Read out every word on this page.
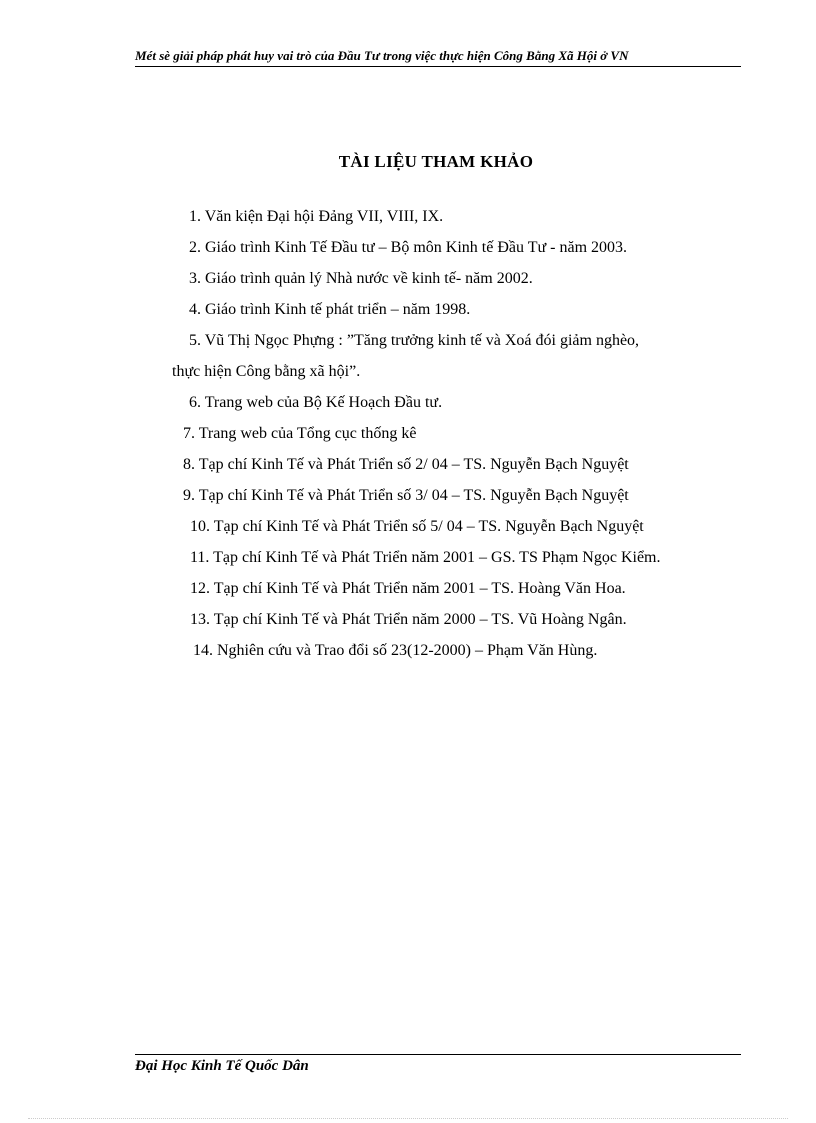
Mét sè giải pháp phát huy vai trò của Đầu Tư trong việc thực hiện Công Bằng Xã Hội ở VN
TÀI LIỆU THAM KHẢO
1. Văn kiện Đại hội Đảng VII, VIII, IX.
2. Giáo trình Kinh Tế Đầu tư – Bộ môn Kinh tế Đầu Tư - năm 2003.
3. Giáo trình quản lý Nhà nước về kinh tế- năm 2002.
4. Giáo trình Kinh tế phát triển – năm 1998.
5. Vũ Thị Ngọc Phựng : ”Tăng trưởng kinh tế và Xoá đói giảm nghèo,
thực hiện Công bằng xã hội”.
6. Trang web của Bộ Kế Hoạch Đầu tư.
7. Trang web của Tổng cục thống kê
8. Tạp chí Kinh Tế và Phát Triển số 2/ 04 – TS. Nguyễn Bạch Nguyệt
9. Tạp chí Kinh Tế và Phát Triển số 3/ 04 – TS. Nguyễn Bạch Nguyệt
10. Tạp chí Kinh Tế và Phát Triển số 5/ 04 – TS. Nguyễn Bạch Nguyệt
11. Tạp chí Kinh Tế và Phát Triển năm 2001 – GS. TS Phạm Ngọc Kiểm.
12. Tạp chí Kinh Tế và Phát Triển năm 2001 – TS. Hoàng Văn Hoa.
13. Tạp chí Kinh Tế và Phát Triển năm 2000 – TS. Vũ Hoàng Ngân.
14. Nghiên cứu và Trao đổi số 23(12-2000) – Phạm Văn Hùng.
Đại Học Kinh Tế Quốc Dân
